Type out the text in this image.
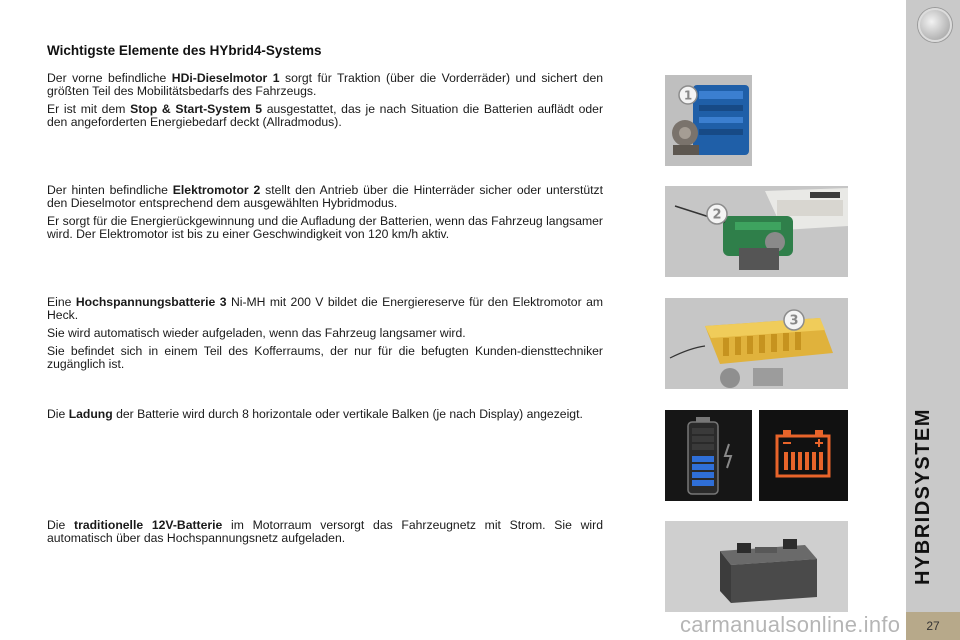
Wichtigste Elemente des HYbrid4-Systems

Der vorne befindliche HDi-Dieselmotor 1 sorgt für Traktion (über die Vorderräder) und sichert den größten Teil des Mobilitätsbedarfs des Fahrzeugs.

Er ist mit dem Stop & Start-System 5 ausgestattet, das je nach Situation die Batterien auflädt oder den angeforderten Energiebedarf deckt (Allradmodus).

Der hinten befindliche Elektromotor 2 stellt den Antrieb über die Hinterräder sicher oder unterstützt den Dieselmotor entsprechend dem ausgewählten Hybridmodus.

Er sorgt für die Energierückgewinnung und die Aufladung der Batterien, wenn das Fahrzeug langsamer wird. Der Elektromotor ist bis zu einer Geschwindigkeit von 120 km/h aktiv.

Eine Hochspannungsbatterie 3 Ni-MH mit 200 V bildet die Energiereserve für den Elektromotor am Heck.

Sie wird automatisch wieder aufgeladen, wenn das Fahrzeug langsamer wird.

Sie befindet sich in einem Teil des Kofferraums, der nur für die befugten Kunden-diensttechniker zugänglich ist.

Die Ladung der Batterie wird durch 8 horizontale oder vertikale Balken (je nach Display) angezeigt.

Die traditionelle 12V-Batterie im Motorraum versorgt das Fahrzeugnetz mit Strom. Sie wird automatisch über das Hochspannungsnetz aufgeladen.

1
2
3
HYBRIDSYSTEM
27
carmanualsonline.info
